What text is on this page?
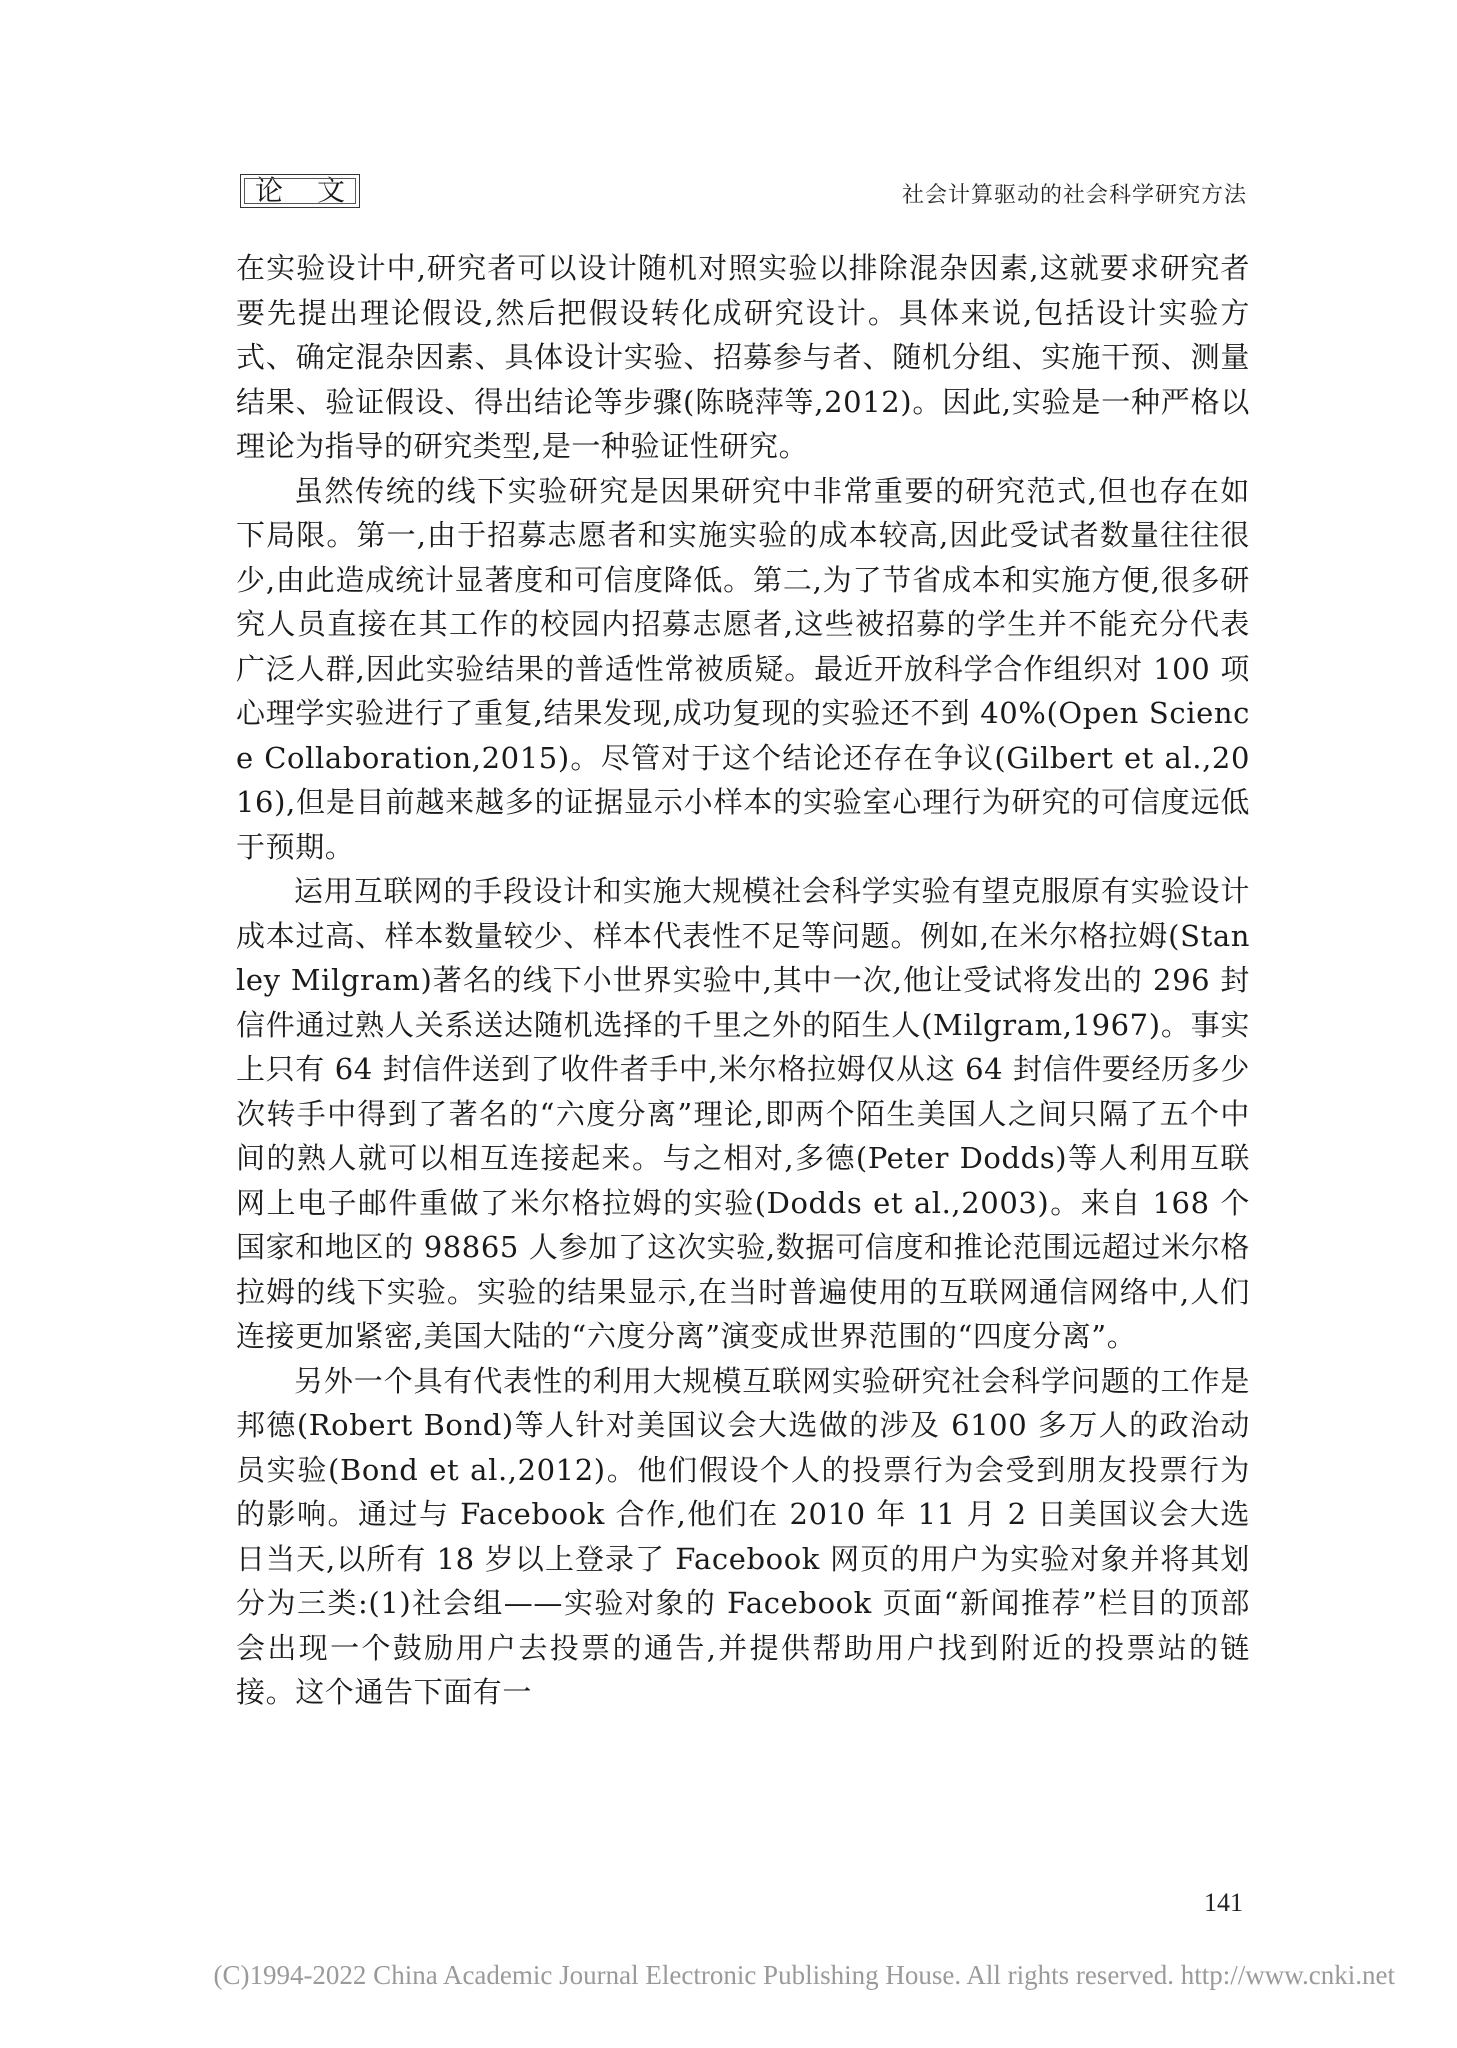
论 文	社会计算驱动的社会科学研究方法

在实验设计中,研究者可以设计随机对照实验以排除混杂因素,这就要求研究者要先提出理论假设,然后把假设转化成研究设计。具体来说,包括设计实验方式、确定混杂因素、具体设计实验、招募参与者、随机分组、实施干预、测量结果、验证假设、得出结论等步骤(陈晓萍等,2012)。因此,实验是一种严格以理论为指导的研究类型,是一种验证性研究。

虽然传统的线下实验研究是因果研究中非常重要的研究范式,但也存在如下局限。第一,由于招募志愿者和实施实验的成本较高,因此受试者数量往往很少,由此造成统计显著度和可信度降低。第二,为了节省成本和实施方便,很多研究人员直接在其工作的校园内招募志愿者,这些被招募的学生并不能充分代表广泛人群,因此实验结果的普适性常被质疑。最近开放科学合作组织对 100 项心理学实验进行了重复,结果发现,成功复现的实验还不到 40%(Open Science Collaboration,2015)。尽管对于这个结论还存在争议(Gilbert et al.,2016),但是目前越来越多的证据显示小样本的实验室心理行为研究的可信度远低于预期。

运用互联网的手段设计和实施大规模社会科学实验有望克服原有实验设计成本过高、样本数量较少、样本代表性不足等问题。例如,在米尔格拉姆(Stanley Milgram)著名的线下小世界实验中,其中一次,他让受试将发出的 296 封信件通过熟人关系送达随机选择的千里之外的陌生人(Milgram,1967)。事实上只有 64 封信件送到了收件者手中,米尔格拉姆仅从这 64 封信件要经历多少次转手中得到了著名的“六度分离”理论,即两个陌生美国人之间只隔了五个中间的熟人就可以相互连接起来。与之相对,多德(Peter Dodds)等人利用互联网上电子邮件重做了米尔格拉姆的实验(Dodds et al.,2003)。来自 168 个国家和地区的 98865 人参加了这次实验,数据可信度和推论范围远超过米尔格拉姆的线下实验。实验的结果显示,在当时普遍使用的互联网通信网络中,人们连接更加紧密,美国大陆的“六度分离”演变成世界范围的“四度分离”。

另外一个具有代表性的利用大规模互联网实验研究社会科学问题的工作是邦德(Robert Bond)等人针对美国议会大选做的涉及 6100 多万人的政治动员实验(Bond et al.,2012)。他们假设个人的投票行为会受到朋友投票行为的影响。通过与 Facebook 合作,他们在 2010 年 11 月 2 日美国议会大选日当天,以所有 18 岁以上登录了 Facebook 网页的用户为实验对象并将其划分为三类:(1)社会组——实验对象的 Facebook 页面“新闻推荐”栏目的顶部会出现一个鼓励用户去投票的通告,并提供帮助用户找到附近的投票站的链接。这个通告下面有一

141
(C)1994-2022 China Academic Journal Electronic Publishing House. All rights reserved. http://www.cnki.net
